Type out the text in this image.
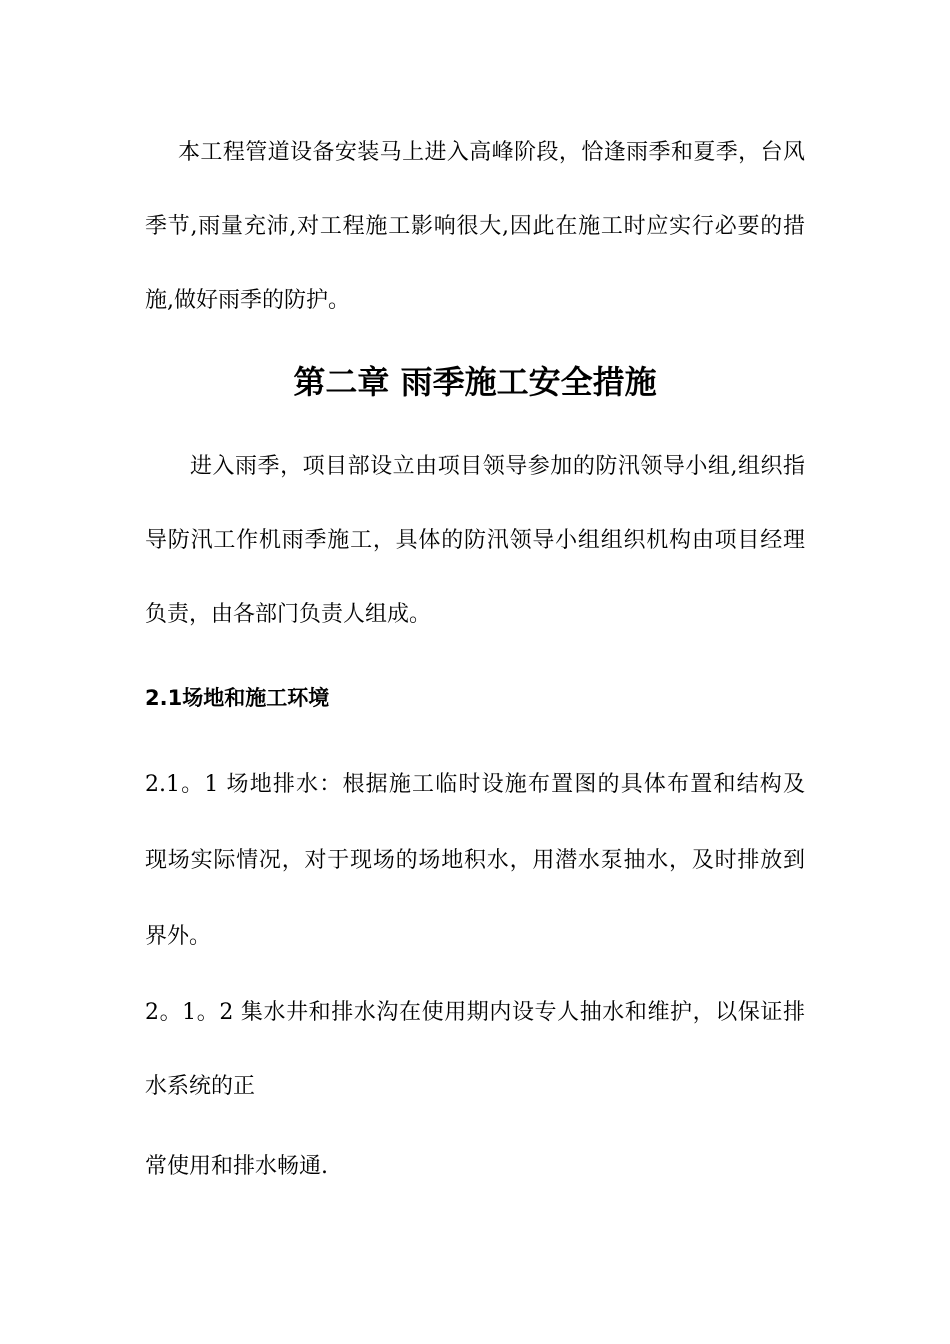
本工程管道设备安装马上进入高峰阶段，恰逢雨季和夏季，台风

季节,雨量充沛,对工程施工影响很大,因此在施工时应实行必要的措

施,做好雨季的防护。

第二章 雨季施工安全措施

进入雨季，项目部设立由项目领导参加的防汛领导小组,组织指

导防汛工作机雨季施工，具体的防汛领导小组组织机构由项目经理

负责，由各部门负责人组成。

2.1场地和施工环境

2.1。1 场地排水：根据施工临时设施布置图的具体布置和结构及

现场实际情况，对于现场的场地积水，用潜水泵抽水，及时排放到

界外。

2。1。2 集水井和排水沟在使用期内设专人抽水和维护，以保证排

水系统的正

常使用和排水畅通.
